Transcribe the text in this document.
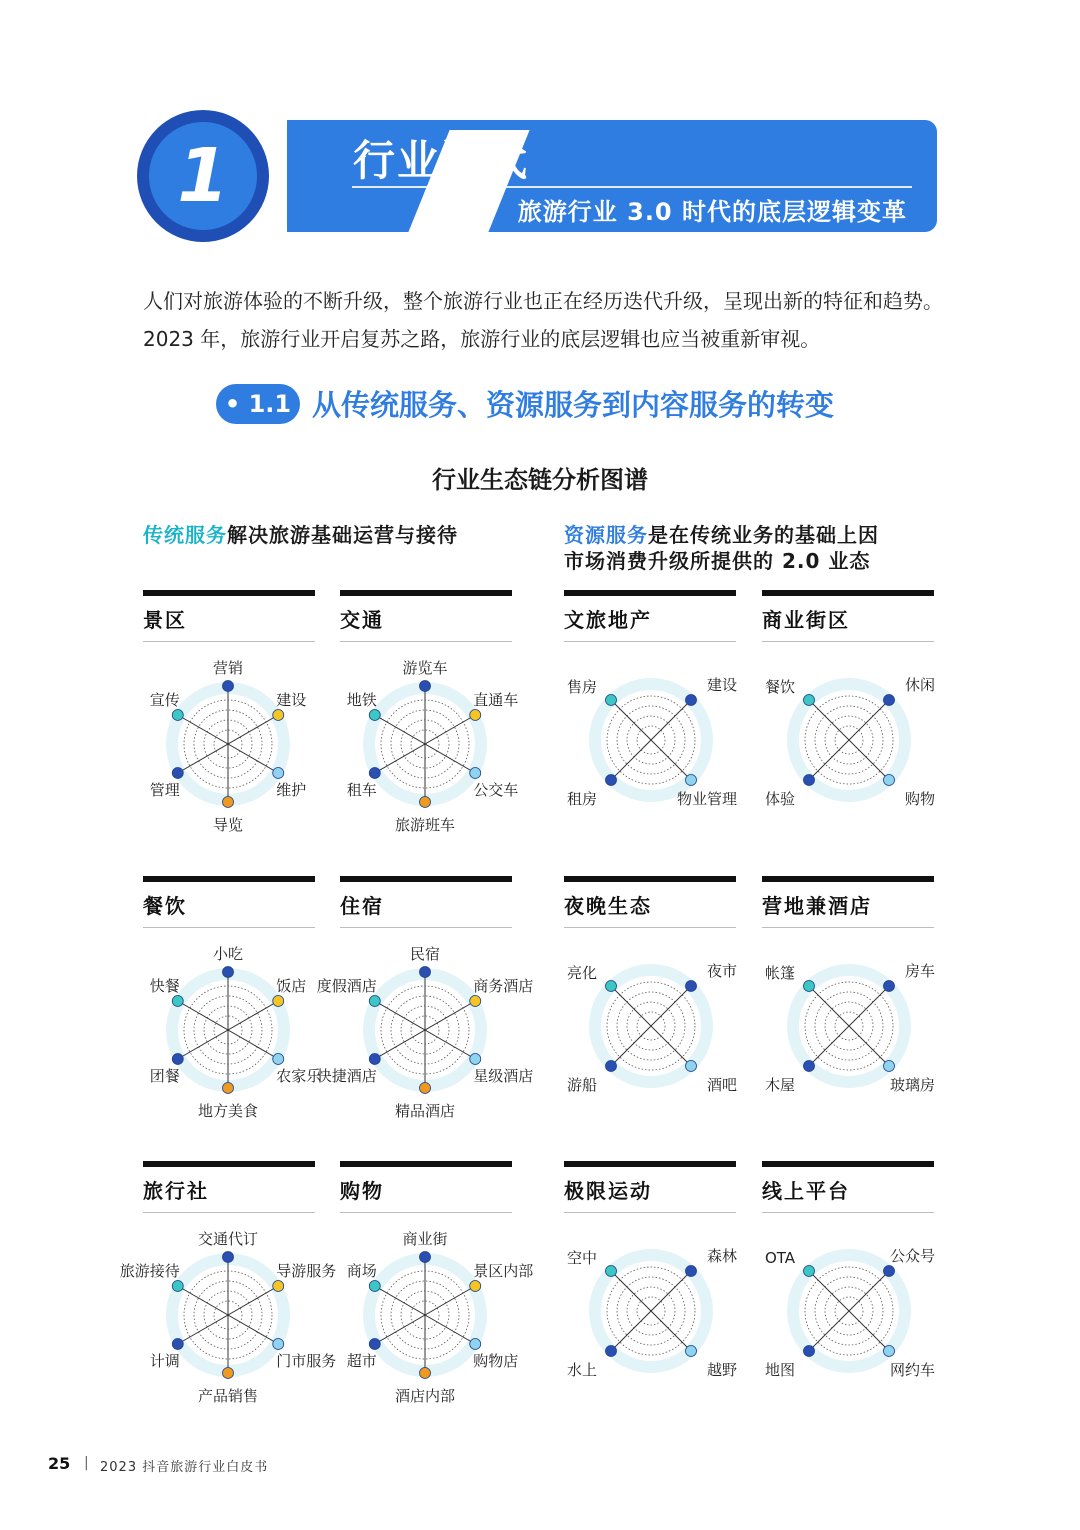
1	行业迭代
旅游行业 3.0 时代的底层逻辑变革
人们对旅游体验的不断升级，整个旅游行业也正在经历迭代升级，呈现出新的特征和趋势。2023 年，旅游行业开启复苏之路，旅游行业的底层逻辑也应当被重新审视。
• 1.1 从传统服务、资源服务到内容服务的转变
行业生态链分析图谱
传统服务解决旅游基础运营与接待	资源服务是在传统业务的基础上因
市场消费升级所提供的 2.0 业态
景区
营销
建设
维护
导览
管理
宣传
交通
游览车
直通车
公交车
旅游班车
租车
地铁
文旅地产
售房	建设
物业管理
租房
商业街区
餐饮	休闲
购物
体验
餐饮
小吃
饭店
农家乐
地方美食
团餐
快餐
住宿
民宿
商务酒店
星级酒店
精品酒店
快捷酒店
度假酒店
夜晚生态
亮化	夜市
酒吧
游船
营地兼酒店
帐篷	房车
玻璃房
木屋
旅行社
交通代订
导游服务
门市服务
产品销售
计调
旅游接待
购物
商业街
景区内部
购物店
酒店内部
超市
商场
极限运动
空中	森林
越野
水上
线上平台
OTA	公众号
网约车
地图
25 | 2023 抖音旅游行业白皮书
